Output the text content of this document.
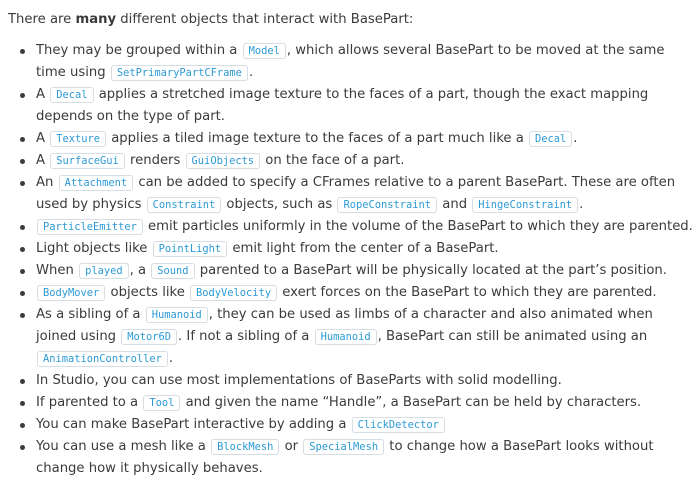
There are many different objects that interact with BasePart:

They may be grouped within a Model , which allows several BasePart to be moved at the same time using SetPrimaryPartCFrame .
A Decal applies a stretched image texture to the faces of a part, though the exact mapping depends on the type of part.
A Texture applies a tiled image texture to the faces of a part much like a Decal .
A SurfaceGui renders GuiObjects on the face of a part.
An Attachment can be added to specify a CFrames relative to a parent BasePart. These are often used by physics Constraint objects, such as RopeConstraint and HingeConstraint .
ParticleEmitter emit particles uniformly in the volume of the BasePart to which they are parented.
Light objects like PointLight emit light from the center of a BasePart.
When played , a Sound parented to a BasePart will be physically located at the part’s position.
BodyMover objects like BodyVelocity exert forces on the BasePart to which they are parented.
As a sibling of a Humanoid , they can be used as limbs of a character and also animated when joined using Motor6D . If not a sibling of a Humanoid , BasePart can still be animated using an AnimationController .
In Studio, you can use most implementations of BaseParts with solid modelling.
If parented to a Tool and given the name “Handle”, a BasePart can be held by characters.
You can make BasePart interactive by adding a ClickDetector
You can use a mesh like a BlockMesh or SpecialMesh to change how a BasePart looks without change how it physically behaves.
